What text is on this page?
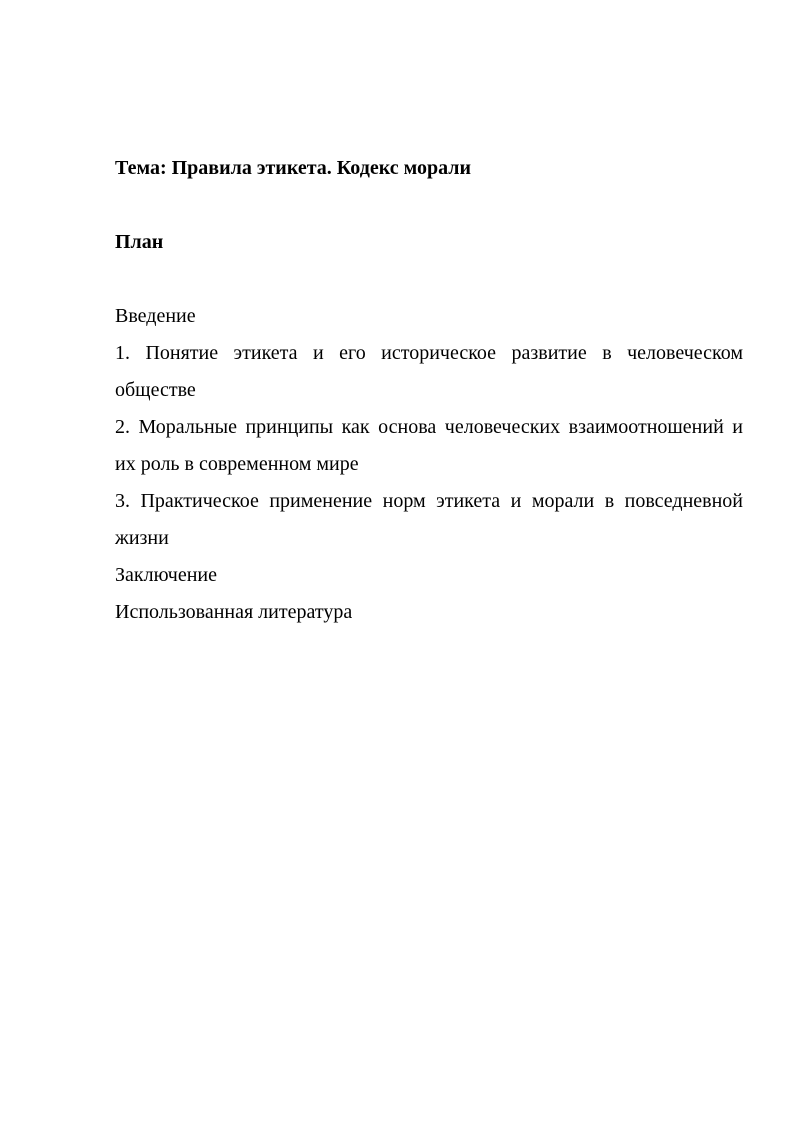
Тема: Правила этикета. Кодекс морали

План

Введение
1. Понятие этикета и его историческое развитие в человеческом обществе
2. Моральные принципы как основа человеческих взаимоотношений и их роль в современном мире
3. Практическое применение норм этикета и морали в повседневной жизни
Заключение
Использованная литература
